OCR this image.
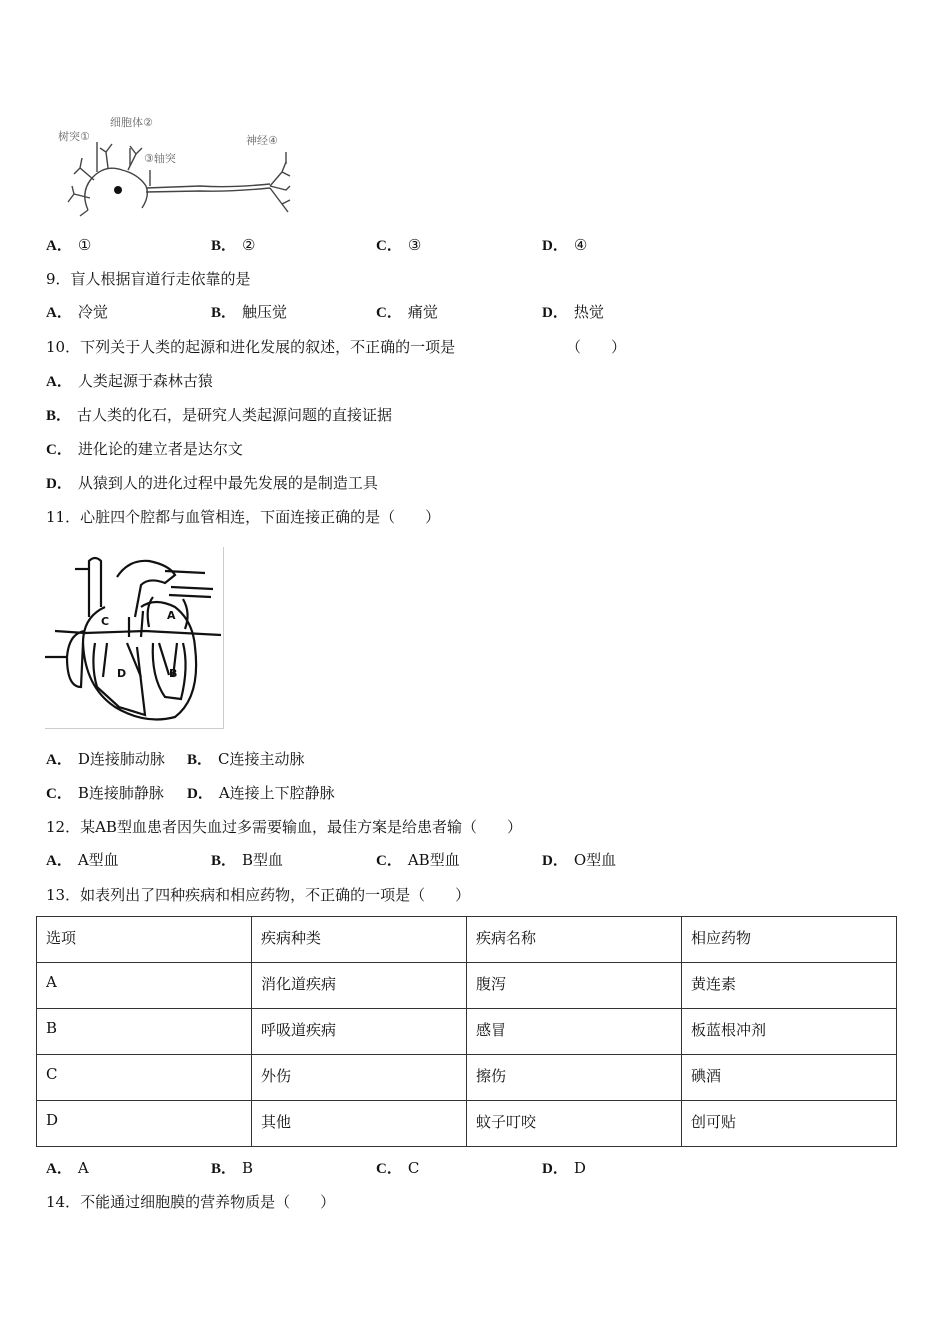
树突①
细胞体②
③轴突
神经④
A． ①	B． ②	C． ③	D． ④
9．盲人根据盲道行走依靠的是
A． 冷觉	B． 触压觉	C． 痛觉	D． 热觉
10．下列关于人类的起源和进化发展的叙述，不正确的一项是	（　　）
A． 人类起源于森林古猿
B． 古人类的化石，是研究人类起源问题的直接证据
C． 进化论的建立者是达尔文
D． 从猿到人的进化过程中最先发展的是制造工具
11．心脏四个腔都与血管相连，下面连接正确的是（　　）
C	A
D	B
A． D连接肺动脉 B． C连接主动脉
C． B连接肺静脉 D． A连接上下腔静脉
12．某AB型血患者因失血过多需要输血，最佳方案是给患者输（　　）
A． A型血	B． B型血	C． AB型血	D． O型血
13．如表列出了四种疾病和相应药物，不正确的一项是（　　）
选项	疾病种类	疾病名称	相应药物
A	消化道疾病	腹泻	黄连素
B	呼吸道疾病	感冒	板蓝根冲剂
C	外伤	擦伤	碘酒
D	其他	蚊子叮咬	创可贴
A． A	B． B	C． C	D． D
14．不能通过细胞膜的营养物质是（　　）
